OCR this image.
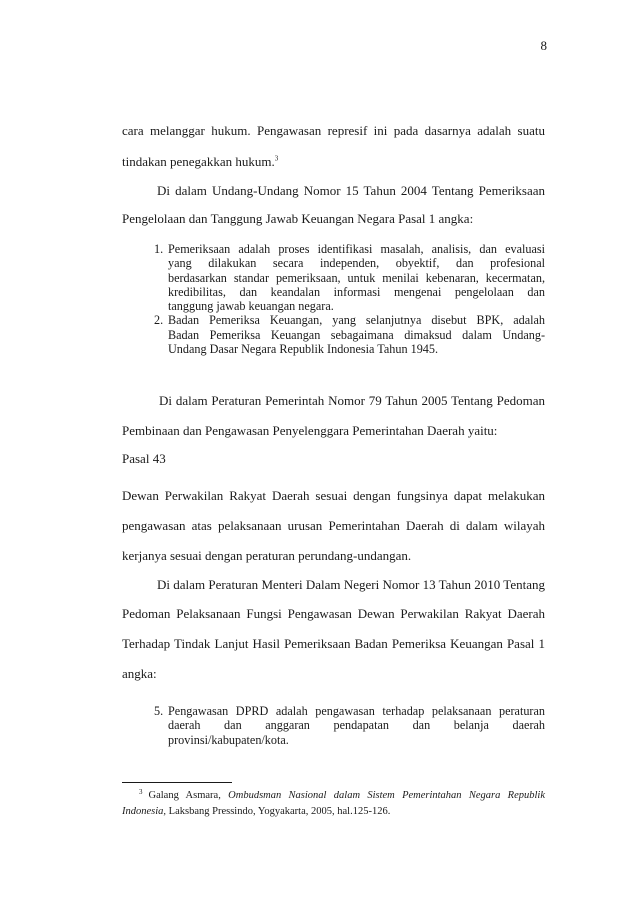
8
cara melanggar hukum. Pengawasan represif ini pada dasarnya adalah suatu
tindakan penegakkan hukum.$^3$
Di dalam Undang-Undang Nomor 15 Tahun 2004 Tentang Pemeriksaan
Pengelolaan dan Tanggung Jawab Keuangan Negara Pasal 1 angka:
1. Pemeriksaan adalah proses identifikasi masalah, analisis, dan evaluasi
yang dilakukan secara independen, obyektif, dan profesional
berdasarkan standar pemeriksaan, untuk menilai kebenaran, kecermatan,
kredibilitas, dan keandalan informasi mengenai pengelolaan dan
tanggung jawab keuangan negara.
2. Badan Pemeriksa Keuangan, yang selanjutnya disebut BPK, adalah
Badan Pemeriksa Keuangan sebagaimana dimaksud dalam Undang-
Undang Dasar Negara Republik Indonesia Tahun 1945.
Di dalam Peraturan Pemerintah Nomor 79 Tahun 2005 Tentang Pedoman
Pembinaan dan Pengawasan Penyelenggara Pemerintahan Daerah yaitu:
Pasal 43
Dewan Perwakilan Rakyat Daerah sesuai dengan fungsinya dapat melakukan
pengawasan atas pelaksanaan urusan Pemerintahan Daerah di dalam wilayah
kerjanya sesuai dengan peraturan perundang-undangan.
Di dalam Peraturan Menteri Dalam Negeri Nomor 13 Tahun 2010 Tentang
Pedoman Pelaksanaan Fungsi Pengawasan Dewan Perwakilan Rakyat Daerah
Terhadap Tindak Lanjut Hasil Pemeriksaan Badan Pemeriksa Keuangan Pasal 1
angka:
5. Pengawasan DPRD adalah pengawasan terhadap pelaksanaan peraturan
daerah dan anggaran pendapatan dan belanja daerah
provinsi/kabupaten/kota.
$^3$ Galang Asmara, Ombudsman Nasional dalam Sistem Pemerintahan Negara Republik
Indonesia, Laksbang Pressindo, Yogyakarta, 2005, hal.125-126.
